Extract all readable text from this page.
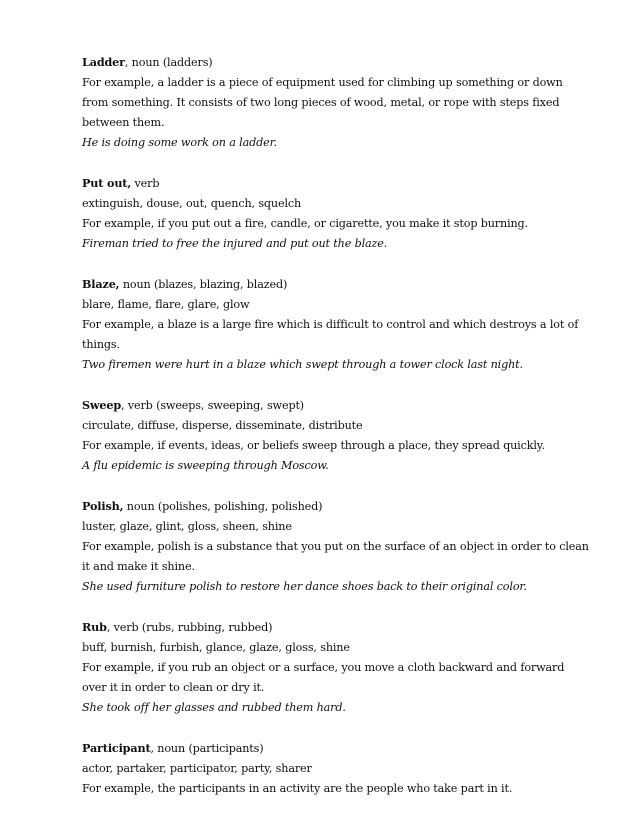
Ladder, noun (ladders)
For example, a ladder is a piece of equipment used for climbing up something or down
from something. It consists of two long pieces of wood, metal, or rope with steps fixed
between them.
He is doing some work on a ladder.
Put out, verb
extinguish, douse, out, quench, squelch
For example, if you put out a fire, candle, or cigarette, you make it stop burning.
Fireman tried to free the injured and put out the blaze.
Blaze, noun (blazes, blazing, blazed)
blare, flame, flare, glare, glow
For example, a blaze is a large fire which is difficult to control and which destroys a lot of
things.
Two firemen were hurt in a blaze which swept through a tower clock last night.
Sweep, verb (sweeps, sweeping, swept)
circulate, diffuse, disperse, disseminate, distribute
For example, if events, ideas, or beliefs sweep through a place, they spread quickly.
A flu epidemic is sweeping through Moscow.
Polish, noun (polishes, polishing, polished)
luster, glaze, glint, gloss, sheen, shine
For example, polish is a substance that you put on the surface of an object in order to clean
it and make it shine.
She used furniture polish to restore her dance shoes back to their original color.
Rub, verb (rubs, rubbing, rubbed)
buff, burnish, furbish, glance, glaze, gloss, shine
For example, if you rub an object or a surface, you move a cloth backward and forward
over it in order to clean or dry it.
She took off her glasses and rubbed them hard.
Participant, noun (participants)
actor, partaker, participator, party, sharer
For example, the participants in an activity are the people who take part in it.
